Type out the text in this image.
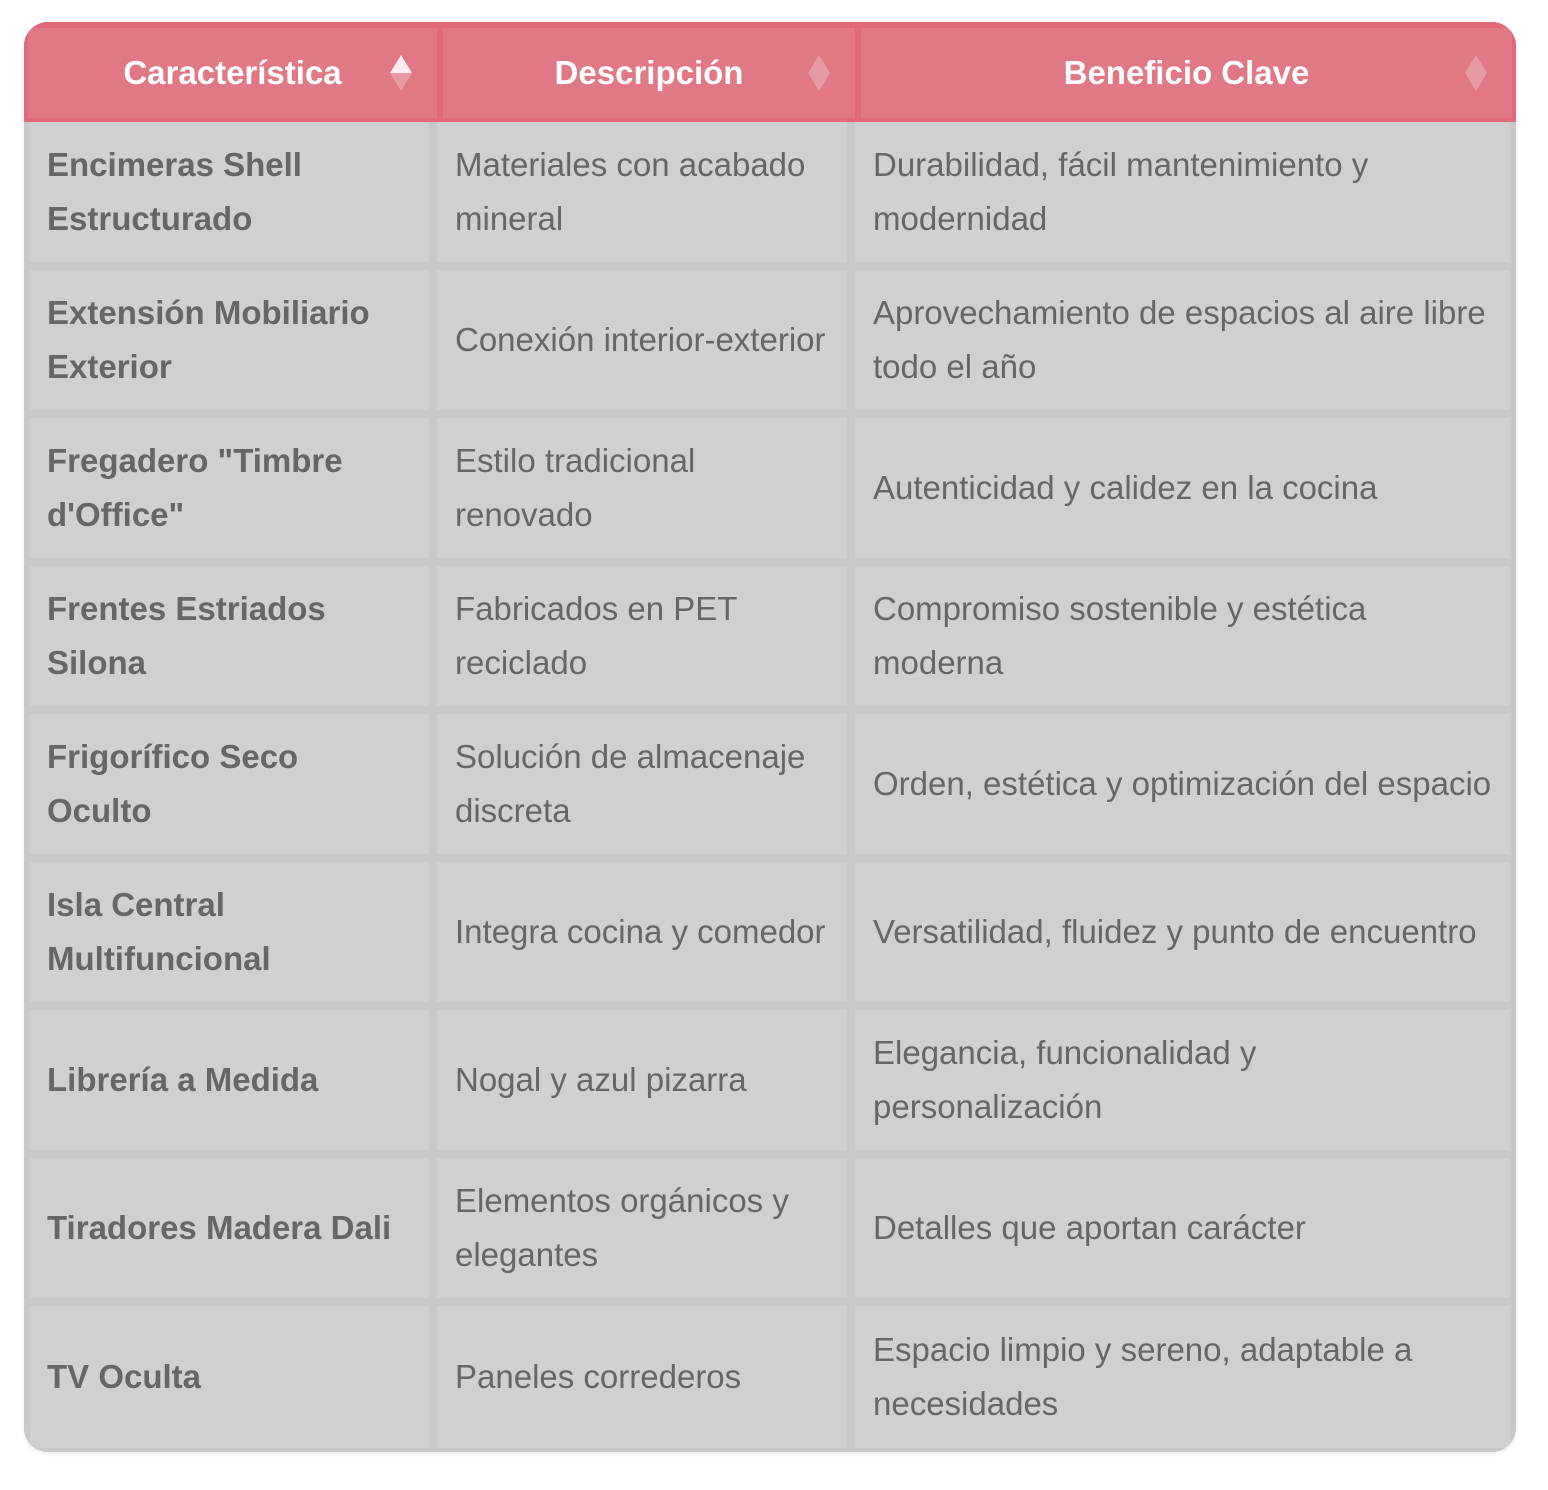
Característica	Descripción	Beneficio Clave

Encimeras Shell Estructurado	Materiales con acabado mineral	Durabilidad, fácil mantenimiento y modernidad
Extensión Mobiliario Exterior	Conexión interior-exterior	Aprovechamiento de espacios al aire libre todo el año
Fregadero "Timbre d'Office"	Estilo tradicional renovado	Autenticidad y calidez en la cocina
Frentes Estriados Silona	Fabricados en PET reciclado	Compromiso sostenible y estética moderna
Frigorífico Seco Oculto	Solución de almacenaje discreta	Orden, estética y optimización del espacio
Isla Central Multifuncional	Integra cocina y comedor	Versatilidad, fluidez y punto de encuentro
Librería a Medida	Nogal y azul pizarra	Elegancia, funcionalidad y personalización
Tiradores Madera Dali	Elementos orgánicos y elegantes	Detalles que aportan carácter
TV Oculta	Paneles correderos	Espacio limpio y sereno, adaptable a necesidades
